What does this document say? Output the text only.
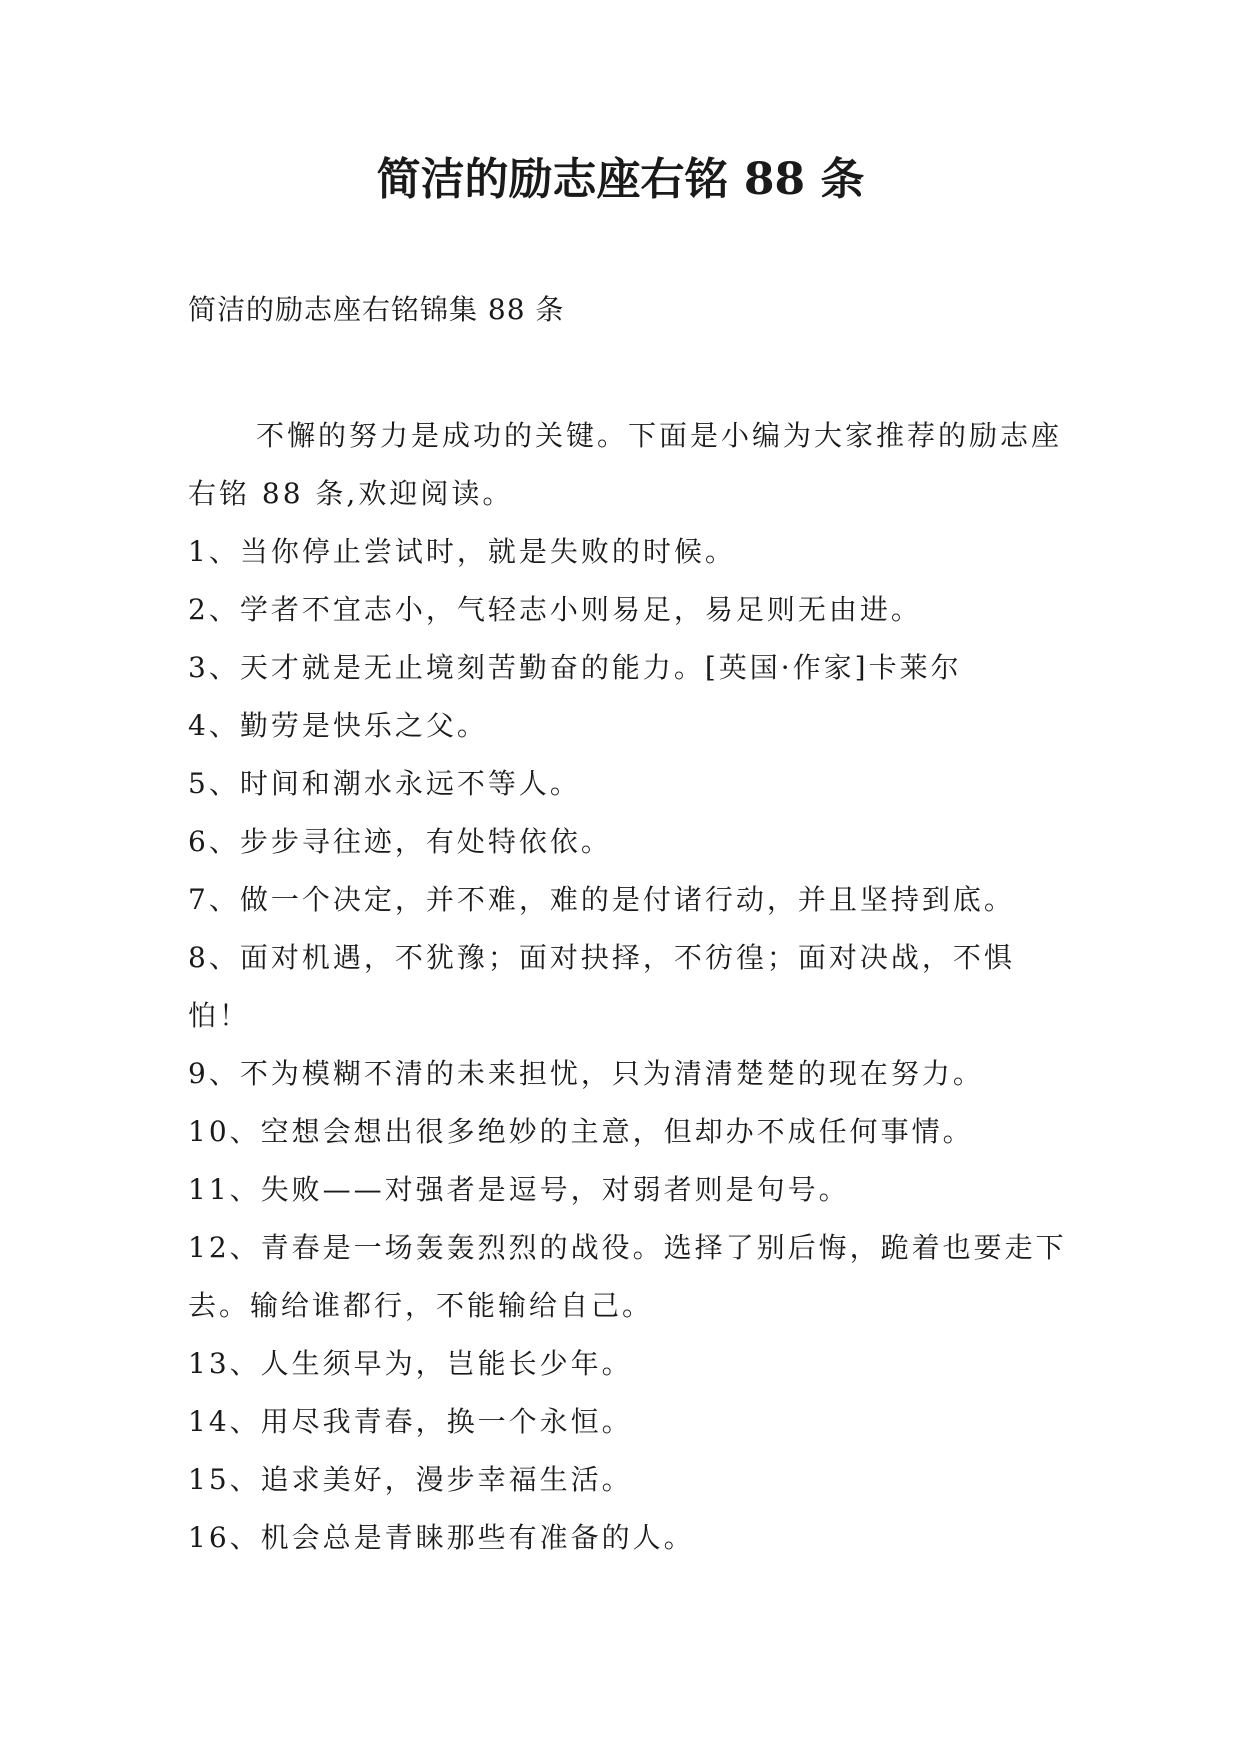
简洁的励志座右铭 88 条
简洁的励志座右铭锦集 88 条

不懈的努力是成功的关键。下面是小编为大家推荐的励志座右铭 88 条,欢迎阅读。

1、当你停止尝试时，就是失败的时候。

2、学者不宜志小，气轻志小则易足，易足则无由进。

3、天才就是无止境刻苦勤奋的能力。[英国·作家]卡莱尔

4、勤劳是快乐之父。

5、时间和潮水永远不等人。

6、步步寻往迹，有处特依依。

7、做一个决定，并不难，难的是付诸行动，并且坚持到底。

8、面对机遇，不犹豫；面对抉择，不彷徨；面对决战，不惧怕！

9、不为模糊不清的未来担忧，只为清清楚楚的现在努力。

10、空想会想出很多绝妙的主意，但却办不成任何事情。

11、失败——对强者是逗号，对弱者则是句号。

12、青春是一场轰轰烈烈的战役。选择了别后悔，跪着也要走下去。输给谁都行，不能输给自己。

13、人生须早为，岂能长少年。

14、用尽我青春，换一个永恒。

15、追求美好，漫步幸福生活。

16、机会总是青睐那些有准备的人。
